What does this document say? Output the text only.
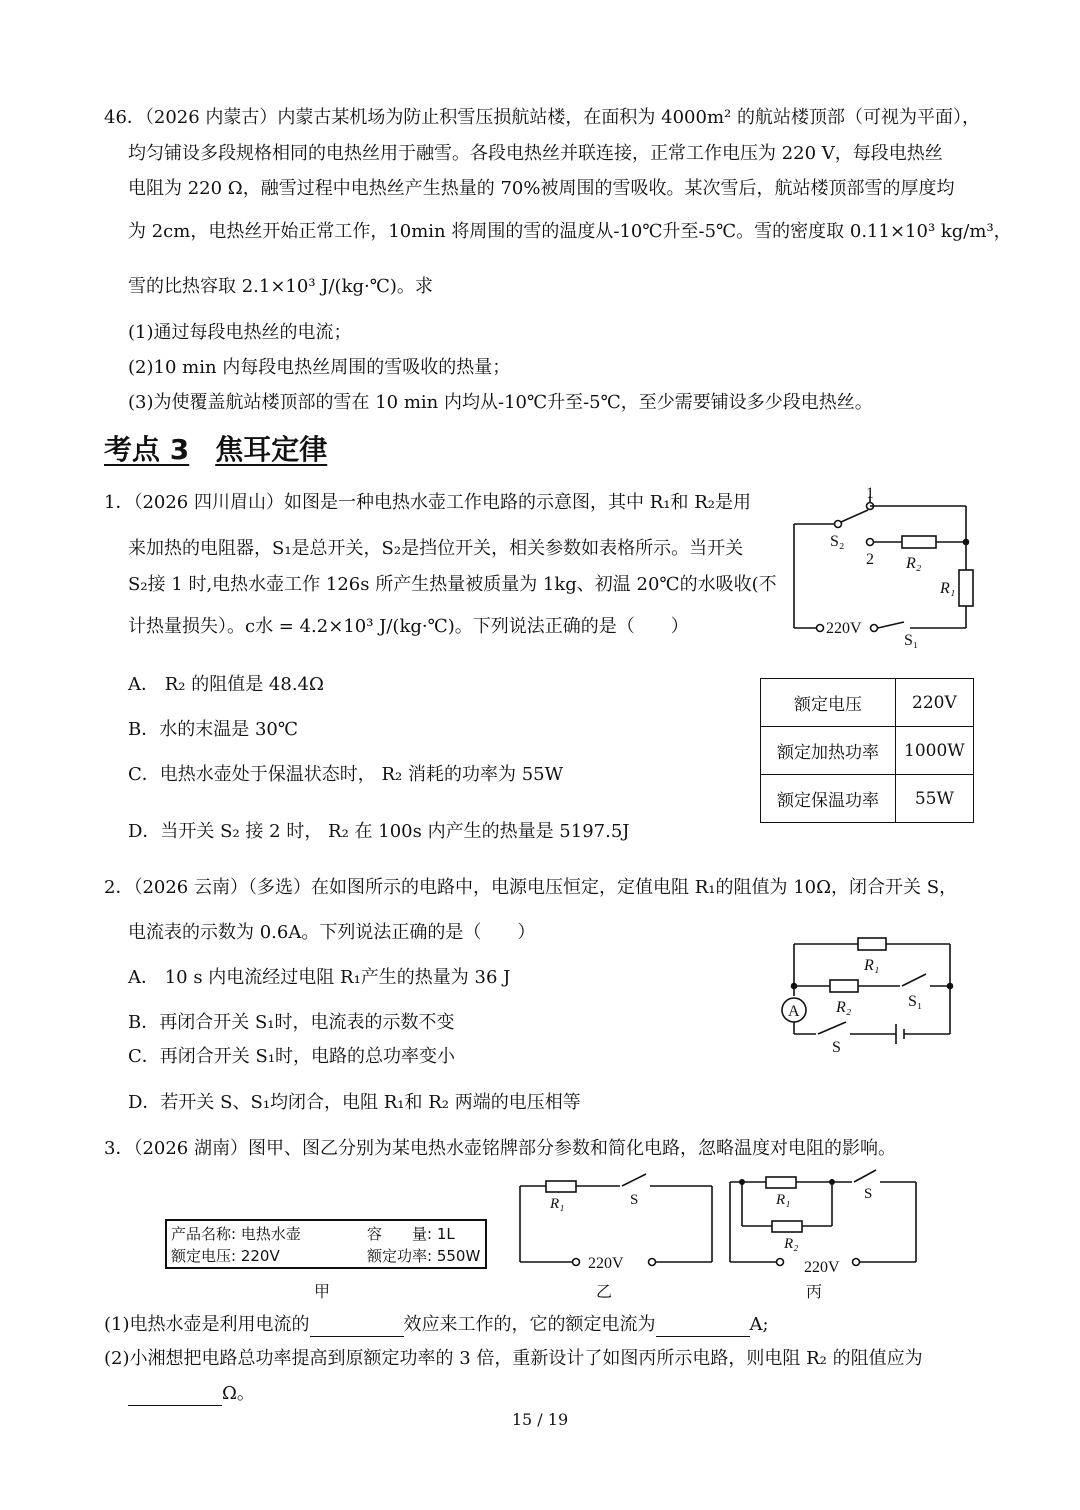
46．（2026 内蒙古）内蒙古某机场为防止积雪压损航站楼，在面积为 4000m² 的航站楼顶部（可视为平面），
均匀铺设多段规格相同的电热丝用于融雪。各段电热丝并联连接，正常工作电压为 220 V，每段电热丝
电阻为 220 Ω，融雪过程中电热丝产生热量的 70%被周围的雪吸收。某次雪后，航站楼顶部雪的厚度均
为 2cm，电热丝开始正常工作，10min 将周围的雪的温度从-10℃升至-5℃。雪的密度取 0.11×10³ kg/m³，
雪的比热容取 2.1×10³ J/(kg·℃)。求
(1)通过每段电热丝的电流；
(2)10 min 内每段电热丝周围的雪吸收的热量；
(3)为使覆盖航站楼顶部的雪在 10 min 内均从-10℃升至-5℃，至少需要铺设多少段电热丝。
考点 3 焦耳定律
1．（2026 四川眉山）如图是一种电热水壶工作电路的示意图，其中 R₁和 R₂是用
来加热的电阻器，S₁是总开关，S₂是挡位开关，相关参数如表格所示。当开关
S₂接 1 时,电热水壶工作 126s 所产生热量被质量为 1kg、初温 20℃的水吸收(不
计热量损失）。c水 = 4.2×10³ J/(kg·℃)。下列说法正确的是（　　）
A． R₂ 的阻值是 48.4Ω
B．水的末温是 30℃
C．电热水壶处于保温状态时， R₂ 消耗的功率为 55W
D．当开关 S₂ 接 2 时， R₂ 在 100s 内产生的热量是 5197.5J
额定电压	220V
额定加热功率	1000W
额定保温功率	55W
1
S₂
2 R₂
R₁
220V
S₁
2．（2026 云南）（多选）在如图所示的电路中，电源电压恒定，定值电阻 R₁的阻值为 10Ω，闭合开关 S，
电流表的示数为 0.6A。下列说法正确的是（　　）
A． 10 s 内电流经过电阻 R₁产生的热量为 36 J
B．再闭合开关 S₁时，电流表的示数不变
C．再闭合开关 S₁时，电路的总功率变小
D．若开关 S、S₁均闭合，电阻 R₁和 R₂ 两端的电压相等
R₁
R₂	S₁
A
S
3．（2026 湖南）图甲、图乙分别为某电热水壶铭牌部分参数和简化电路，忽略温度对电阻的影响。
产品名称: 电热水壶	容　　量: 1L
额定电压: 220V	额定功率: 550W
甲
R₁	S
220V
乙
R₁
R₂
S
220V
丙
(1)电热水壶是利用电流的	效应来工作的，它的额定电流为	A;
(2)小湘想把电路总功率提高到原额定功率的 3 倍，重新设计了如图丙所示电路，则电阻 R₂ 的阻值应为
Ω。
15 / 19
